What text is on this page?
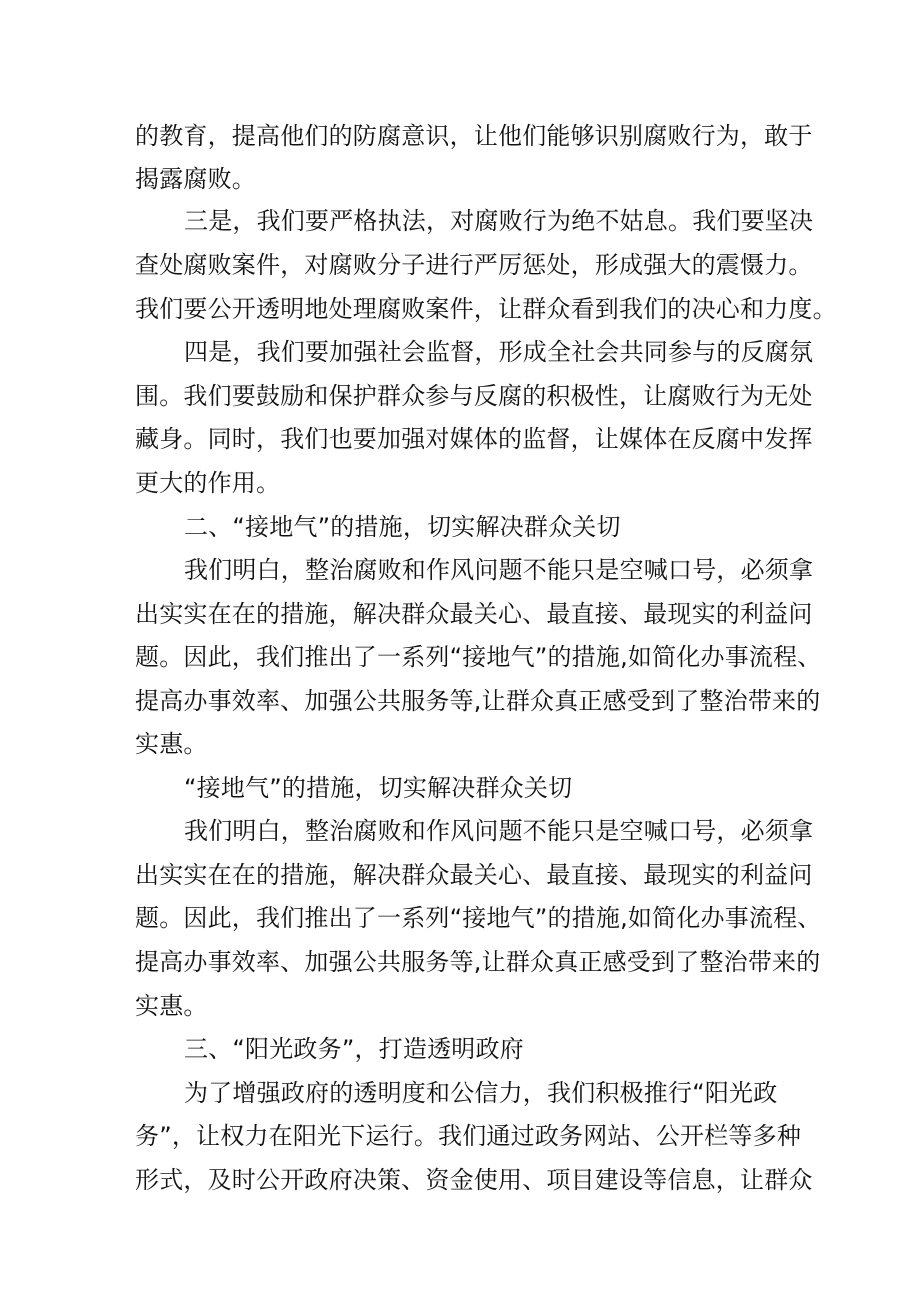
的教育，提高他们的防腐意识，让他们能够识别腐败行为，敢于
揭露腐败。
三是，我们要严格执法，对腐败行为绝不姑息。我们要坚决
查处腐败案件，对腐败分子进行严厉惩处，形成强大的震慑力。
我们要公开透明地处理腐败案件，让群众看到我们的决心和力度。
四是，我们要加强社会监督，形成全社会共同参与的反腐氛
围。我们要鼓励和保护群众参与反腐的积极性，让腐败行为无处
藏身。同时，我们也要加强对媒体的监督，让媒体在反腐中发挥
更大的作用。
二、“接地气”的措施，切实解决群众关切
我们明白，整治腐败和作风问题不能只是空喊口号，必须拿
出实实在在的措施，解决群众最关心、最直接、最现实的利益问
题。因此，我们推出了一系列“接地气”的措施,如简化办事流程、
提高办事效率、加强公共服务等,让群众真正感受到了整治带来的
实惠。
“接地气”的措施，切实解决群众关切
我们明白，整治腐败和作风问题不能只是空喊口号，必须拿
出实实在在的措施，解决群众最关心、最直接、最现实的利益问
题。因此，我们推出了一系列“接地气”的措施,如简化办事流程、
提高办事效率、加强公共服务等,让群众真正感受到了整治带来的
实惠。
三、“阳光政务”，打造透明政府
为了增强政府的透明度和公信力，我们积极推行“阳光政
务”，让权力在阳光下运行。我们通过政务网站、公开栏等多种
形式，及时公开政府决策、资金使用、项目建设等信息，让群众
